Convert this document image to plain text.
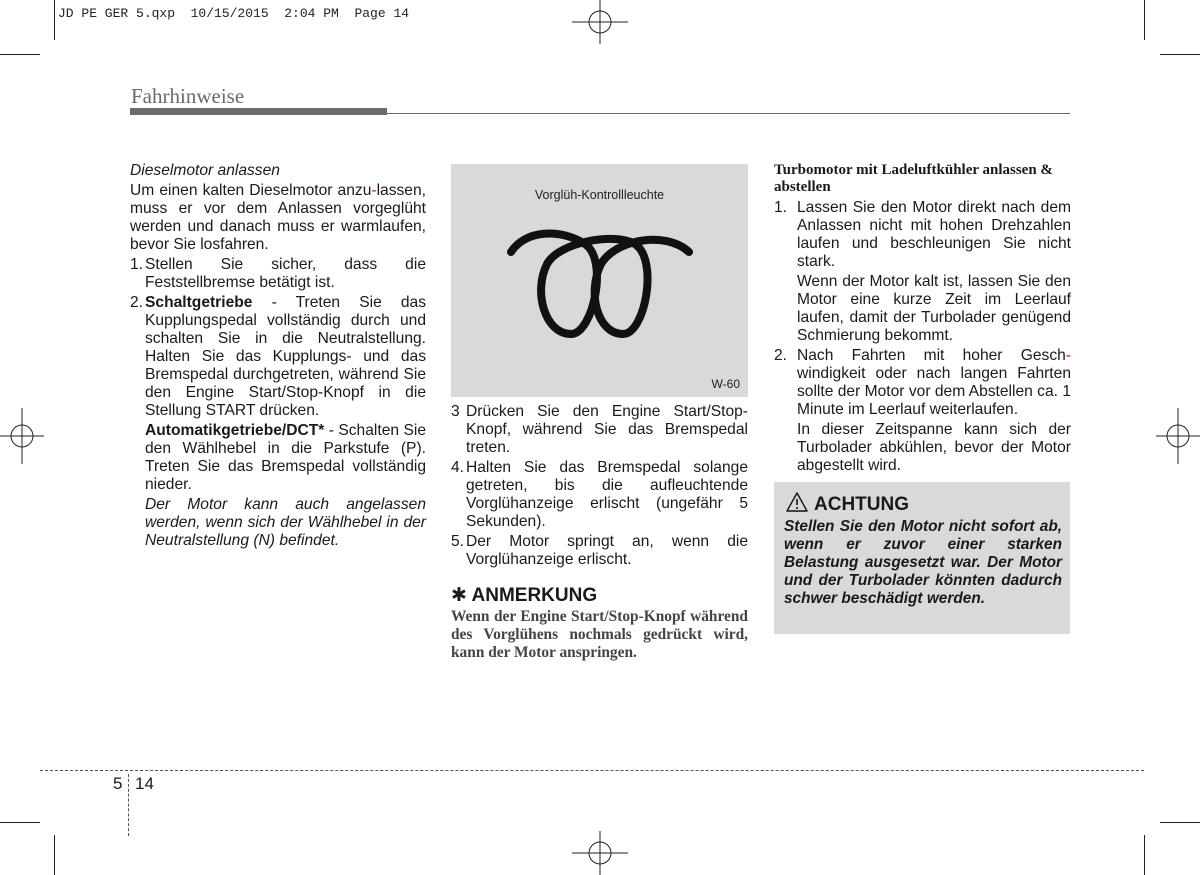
JD PE GER 5.qxp  10/15/2015  2:04 PM  Page 14
Fahrhinweise

Dieselmotor anlassen

Um einen kalten Dieselmotor anzu-lassen, muss er vor dem Anlassen vorgeglüht werden und danach muss er warmlaufen, bevor Sie losfahren.

1. Stellen Sie sicher, dass die Feststellbremse betätigt ist.
2. Schaltgetriebe - Treten Sie das Kupplungspedal vollständig durch und schalten Sie in die Neutralstellung. Halten Sie das Kupplungs- und das Bremspedal durchgetreten, während Sie den Engine Start/Stop-Knopf in die Stellung START drücken.

Automatikgetriebe/DCT* - Schalten Sie den Wählhebel in die Parkstufe (P). Treten Sie das Bremspedal vollständig nieder.

Der Motor kann auch angelassen werden, wenn sich der Wählhebel in der Neutralstellung (N) befindet.

Vorglüh-Kontrollleuchte
W-60
3 Drücken Sie den Engine Start/Stop-Knopf, während Sie das Bremspedal treten.
4. Halten Sie das Bremspedal solange getreten, bis die aufleuchtende Vorglühanzeige erlischt (ungefähr 5 Sekunden).
5. Der Motor springt an, wenn die Vorglühanzeige erlischt.
✱ ANMERKUNG

Wenn der Engine Start/Stop-Knopf während des Vorglühens nochmals gedrückt wird, kann der Motor anspringen.

Turbomotor mit Ladeluftkühler anlassen & abstellen

1. Lassen Sie den Motor direkt nach dem Anlassen nicht mit hohen Drehzahlen laufen und beschleunigen Sie nicht stark.

Wenn der Motor kalt ist, lassen Sie den Motor eine kurze Zeit im Leerlauf laufen, damit der Turbolader genügend Schmierung bekommt.

2. Nach Fahrten mit hoher Gesch-windigkeit oder nach langen Fahrten sollte der Motor vor dem Abstellen ca. 1 Minute im Leerlauf weiterlaufen.

In dieser Zeitspanne kann sich der Turbolader abkühlen, bevor der Motor abgestellt wird.

ACHTUNG

Stellen Sie den Motor nicht sofort ab, wenn er zuvor einer starken Belastung ausgesetzt war. Der Motor und der Turbolader könnten dadurch schwer beschädigt werden.

5 14
